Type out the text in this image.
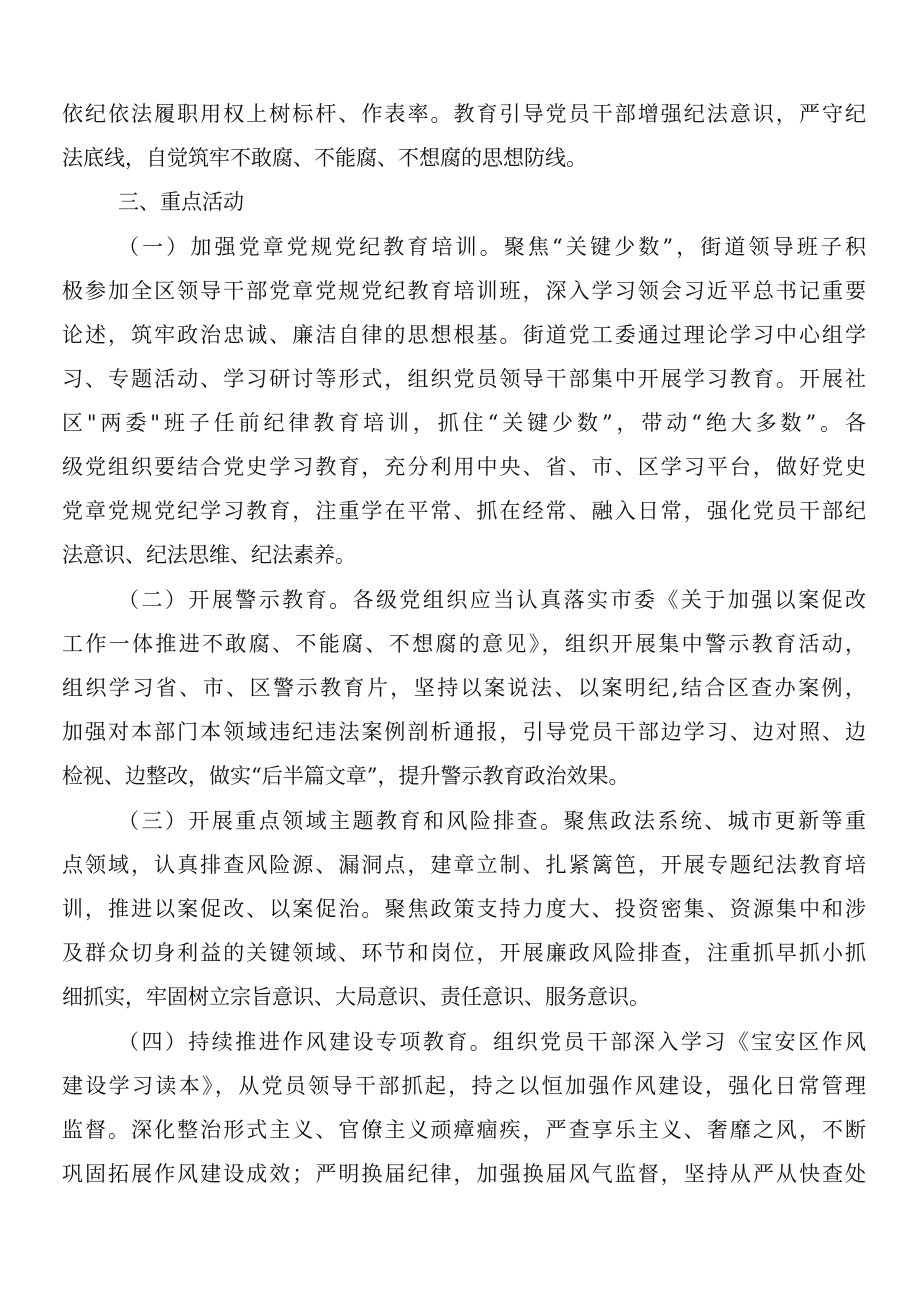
依纪依法履职用权上树标杆、作表率。教育引导党员干部增强纪法意识，严守纪
法底线，自觉筑牢不敢腐、不能腐、不想腐的思想防线。
三、重点活动
（一）加强党章党规党纪教育培训。聚焦“关键少数”，街道领导班子积
极参加全区领导干部党章党规党纪教育培训班，深入学习领会习近平总书记重要
论述，筑牢政治忠诚、廉洁自律的思想根基。街道党工委通过理论学习中心组学
习、专题活动、学习研讨等形式，组织党员领导干部集中开展学习教育。开展社
区"两委"班子任前纪律教育培训，抓住“关键少数”，带动“绝大多数”。各
级党组织要结合党史学习教育，充分利用中央、省、市、区学习平台，做好党史
党章党规党纪学习教育，注重学在平常、抓在经常、融入日常，强化党员干部纪
法意识、纪法思维、纪法素养。
（二）开展警示教育。各级党组织应当认真落实市委《关于加强以案促改
工作一体推进不敢腐、不能腐、不想腐的意见》，组织开展集中警示教育活动，
组织学习省、市、区警示教育片，坚持以案说法、以案明纪,结合区查办案例，
加强对本部门本领域违纪违法案例剖析通报，引导党员干部边学习、边对照、边
检视、边整改，做实“后半篇文章”，提升警示教育政治效果。
（三）开展重点领域主题教育和风险排查。聚焦政法系统、城市更新等重
点领域，认真排查风险源、漏洞点，建章立制、扎紧篱笆，开展专题纪法教育培
训，推进以案促改、以案促治。聚焦政策支持力度大、投资密集、资源集中和涉
及群众切身利益的关键领域、环节和岗位，开展廉政风险排查，注重抓早抓小抓
细抓实，牢固树立宗旨意识、大局意识、责任意识、服务意识。
（四）持续推进作风建设专项教育。组织党员干部深入学习《宝安区作风
建设学习读本》，从党员领导干部抓起，持之以恒加强作风建设，强化日常管理
监督。深化整治形式主义、官僚主义顽瘴痼疾，严查享乐主义、奢靡之风，不断
巩固拓展作风建设成效；严明换届纪律，加强换届风气监督，坚持从严从快查处
